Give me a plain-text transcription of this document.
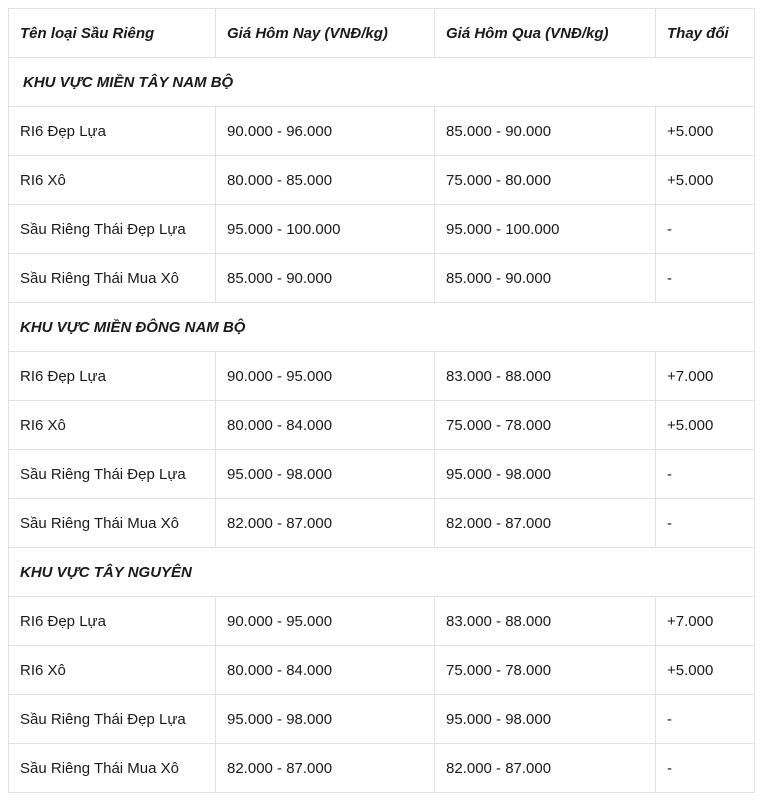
Tên loại Sầu Riêng	Giá Hôm Nay (VNĐ/kg)	Giá Hôm Qua (VNĐ/kg)	Thay đổi
KHU VỰC MIỀN TÂY NAM BỘ			
RI6 Đẹp Lựa	90.000 - 96.000	85.000 - 90.000	+5.000
RI6 Xô	80.000 - 85.000	75.000 - 80.000	+5.000
Sầu Riêng Thái Đẹp Lựa	95.000 - 100.000	95.000 - 100.000	-
Sầu Riêng Thái Mua Xô	85.000 - 90.000	85.000 - 90.000	-
KHU VỰC MIỀN ĐÔNG NAM BỘ			
RI6 Đẹp Lựa	90.000 - 95.000	83.000 - 88.000	+7.000
RI6 Xô	80.000 - 84.000	75.000 - 78.000	+5.000
Sầu Riêng Thái Đẹp Lựa	95.000 - 98.000	95.000 - 98.000	-
Sầu Riêng Thái Mua Xô	82.000 - 87.000	82.000 - 87.000	-
KHU VỰC TÂY NGUYÊN			
RI6 Đẹp Lựa	90.000 - 95.000	83.000 - 88.000	+7.000
RI6 Xô	80.000 - 84.000	75.000 - 78.000	+5.000
Sầu Riêng Thái Đẹp Lựa	95.000 - 98.000	95.000 - 98.000	-
Sầu Riêng Thái Mua Xô	82.000 - 87.000	82.000 - 87.000	-
